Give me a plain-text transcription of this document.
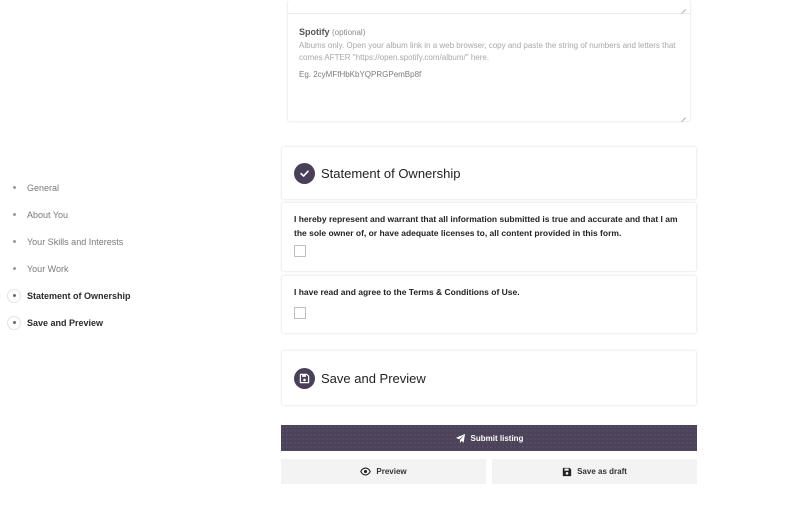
General
About You
Your Skills and Interests
Your Work
Statement of Ownership
Save and Preview
Spotify (optional)
Albums only. Open your album link in a web browser, copy and paste the string of numbers and letters that comes AFTER "https://open.spotify.com/album/" here.
Eg. 2cyMFfHbKbYQPRGPemBp8f
Statement of Ownership
I hereby represent and warrant that all information submitted is true and accurate and that I am the sole owner of, or have adequate licenses to, all content provided in this form.
I have read and agree to the Terms & Conditions of Use.
Save and Preview
Submit listing
Preview	Save as draft
